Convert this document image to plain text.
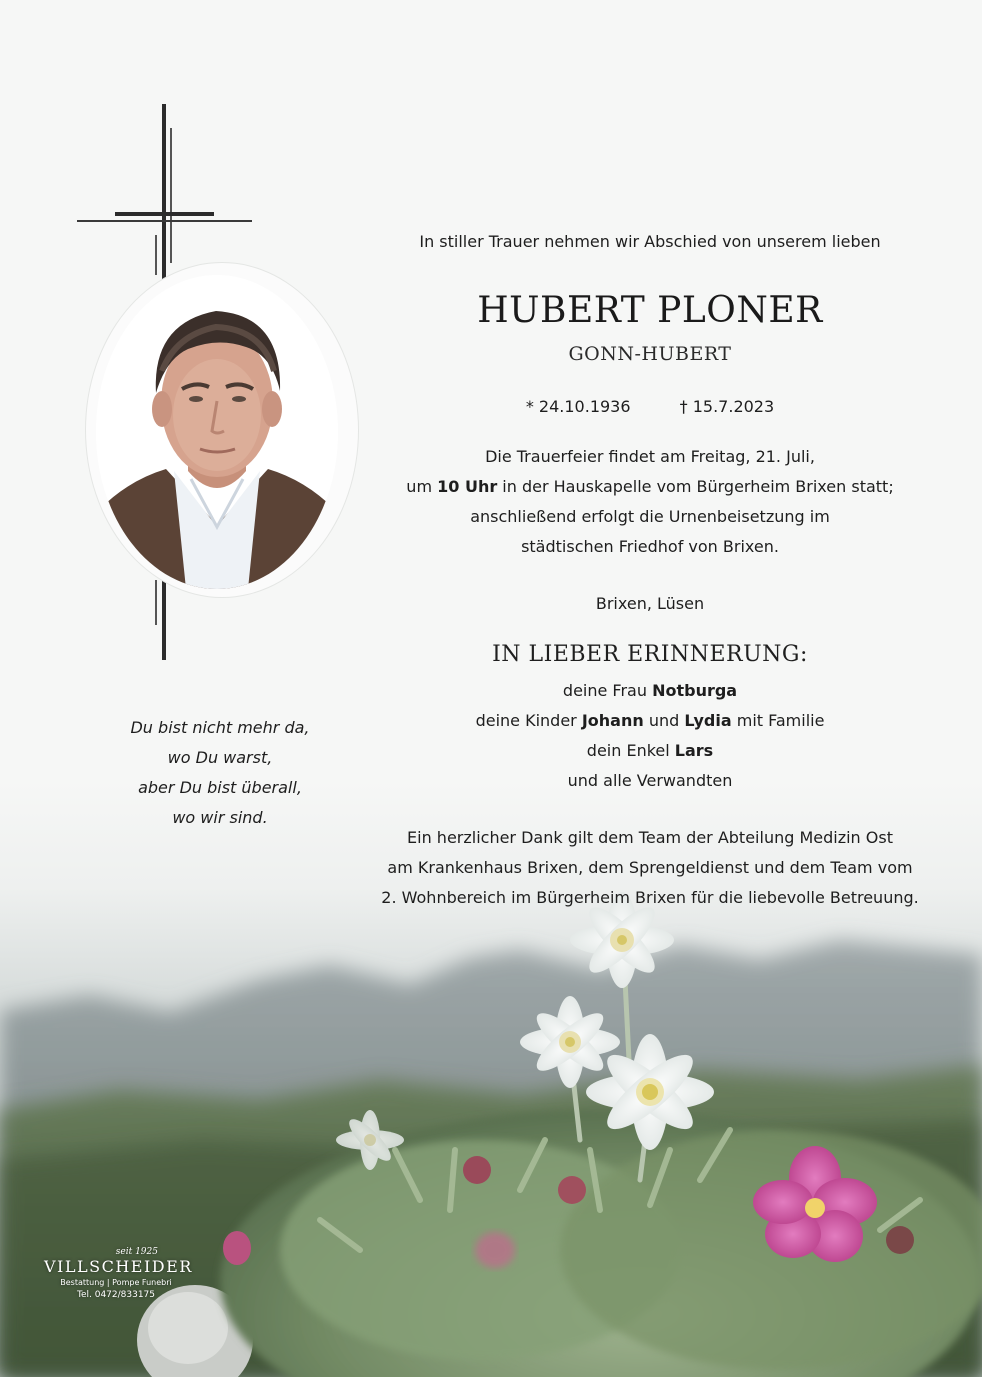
Du bist nicht mehr da,
wo Du warst,
aber Du bist überall,
wo wir sind.
In stiller Trauer nehmen wir Abschied von unserem lieben
HUBERT PLONER
GONN-HUBERT
* 24.10.1936	† 15.7.2023
Die Trauerfeier findet am Freitag, 21. Juli,
um 10 Uhr in der Hauskapelle vom Bürgerheim Brixen statt;
anschließend erfolgt die Urnenbeisetzung im
städtischen Friedhof von Brixen.
Brixen, Lüsen
IN LIEBER ERINNERUNG:
deine Frau Notburga
deine Kinder Johann und Lydia mit Familie
dein Enkel Lars
und alle Verwandten
Ein herzlicher Dank gilt dem Team der Abteilung Medizin Ost
am Krankenhaus Brixen, dem Sprengeldienst und dem Team vom
2. Wohnbereich im Bürgerheim Brixen für die liebevolle Betreuung.
seit 1925
VILLSCHEIDER
Bestattung | Pompe Funebri
Tel. 0472/833175
